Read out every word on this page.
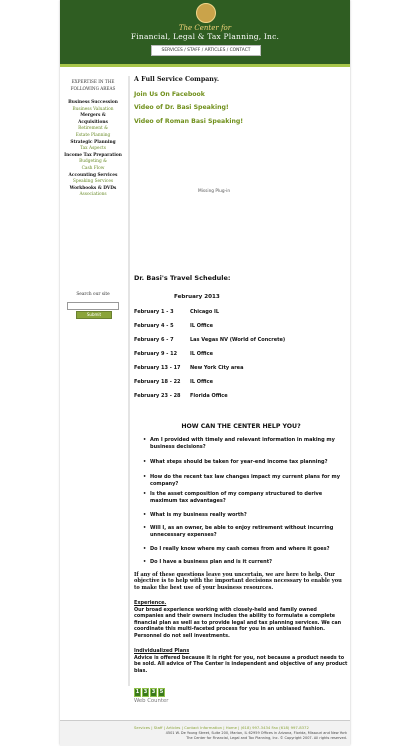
The Center for
Financial, Legal & Tax Planning, Inc.
SERVICES / STAFF / ARTICLES / CONTACT
EXPERTISE IN THE FOLLOWING AREAS
Business Succession
Business Valuation
Mergers &
Acquisitions
Retirement &
Estate Planning
Strategic Planning
Tax Aspects
Income Tax Preparation
Budgeting &
Cash Flow
Accounting Services
Speaking Services
Workbooks & DVDs
Associations
Search our site
Submit
A Full Service Company.
Join Us On Facebook
Video of Dr. Basi Speaking!
Video of Roman Basi Speaking!
Missing Plug-in
Dr. Basi's Travel Schedule:
February 2013
February 1 - 3	Chicago IL
February 4 - 5	IL Office
February 6 - 7	Las Vegas NV (World of Concrete)
February 9 - 12	IL Office
February 13 - 17	New York City area
February 18 - 22	IL Office
February 23 - 28	Florida Office
HOW CAN THE CENTER HELP YOU?
• Am I provided with timely and relevant information in making my business decisions?
• What steps should be taken for year-end income tax planning?
• How do the recent tax law changes impact my current plans for my company?
• Is the asset composition of my company structured to derive maximum tax advantages?
• What is my business really worth?
• Will I, as an owner, be able to enjoy retirement without incurring unnecessary expenses?
• Do I really know where my cash comes from and where it goes?
• Do I have a business plan and is it current?
If any of these questions leave you uncertain, we are here to help. Our objective is to help with the important decisions necessary to enable you to make the best use of your business resources.
Experience.
Our broad experience working with closely-held and family owned companies and their owners includes the ability to formulate a complete financial plan as well as to provide legal and tax planning services. We can coordinate this multi-faceted process for you in an unbiased fashion. Personnel do not sell investments.
Individualized Plans
Advice is offered because it is right for you, not because a product needs to be sold. All advice of The Center is independent and objective of any product bias.
1 3 3 5
Web Counter
Services | Staff | Articles | Contact Information | Home | (618) 997-3434 Fax (618) 997-8372
4501 W. De Young Street, Suite 200, Marion, IL 62959 Offices in Arizona, Florida, Missouri and New York
The Center for Financial, Legal and Tax Planning, Inc. © Copyright 2007. All rights reserved.
